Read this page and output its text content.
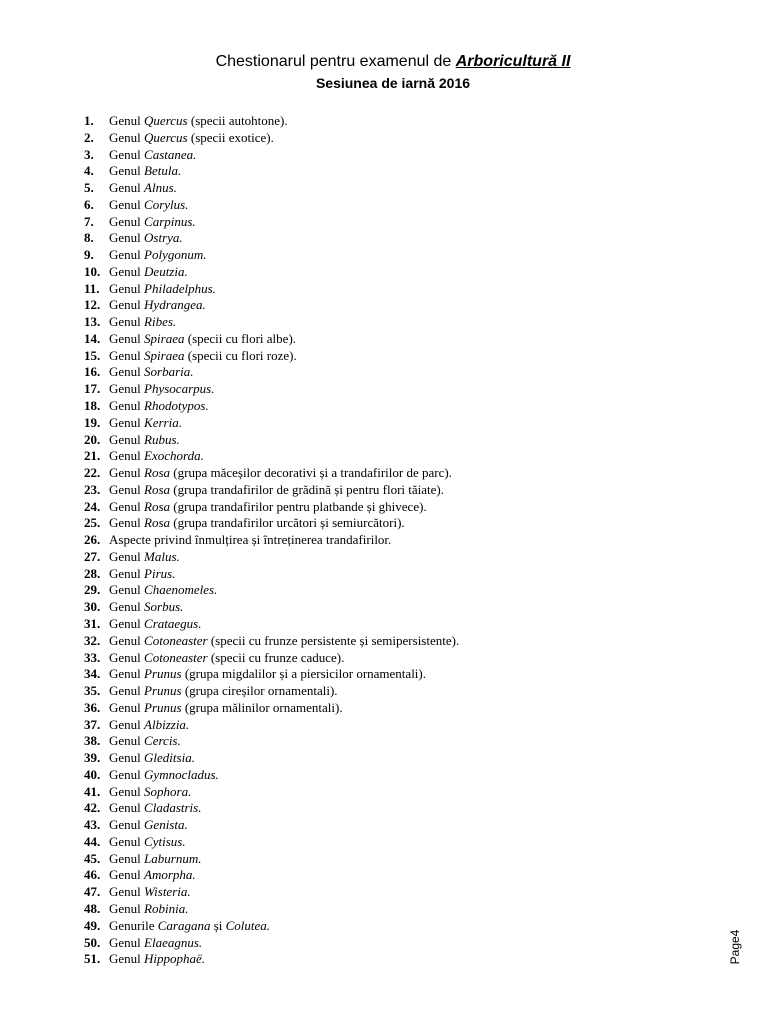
Chestionarul pentru examenul de Arboricultură II
Sesiunea de iarnă 2016
1. Genul Quercus (specii autohtone).
2. Genul Quercus (specii exotice).
3. Genul Castanea.
4. Genul Betula.
5. Genul Alnus.
6. Genul Corylus.
7. Genul Carpinus.
8. Genul Ostrya.
9. Genul Polygonum.
10. Genul Deutzia.
11. Genul Philadelphus.
12. Genul Hydrangea.
13. Genul Ribes.
14. Genul Spiraea (specii cu flori albe).
15. Genul Spiraea (specii cu flori roze).
16. Genul Sorbaria.
17. Genul Physocarpus.
18. Genul Rhodotypos.
19. Genul Kerria.
20. Genul Rubus.
21. Genul Exochorda.
22. Genul Rosa (grupa măceșilor decorativi și a trandafirilor de parc).
23. Genul Rosa (grupa trandafirilor de grădină și pentru flori tăiate).
24. Genul Rosa (grupa trandafirilor pentru platbande și ghivece).
25. Genul Rosa (grupa trandafirilor urcători și semiurcători).
26. Aspecte privind înmulțirea și întreținerea trandafirilor.
27. Genul Malus.
28. Genul Pirus.
29. Genul Chaenomeles.
30. Genul Sorbus.
31. Genul Crataegus.
32. Genul Cotoneaster (specii cu frunze persistente și semipersistente).
33. Genul Cotoneaster (specii cu frunze caduce).
34. Genul Prunus (grupa migdalilor și a piersicilor ornamentali).
35. Genul Prunus (grupa cireșilor ornamentali).
36. Genul Prunus (grupa mălinilor ornamentali).
37. Genul Albizzia.
38. Genul Cercis.
39. Genul Gleditsia.
40. Genul Gymnocladus.
41. Genul Sophora.
42. Genul Cladastris.
43. Genul Genista.
44. Genul Cytisus.
45. Genul Laburnum.
46. Genul Amorpha.
47. Genul Wisteria.
48. Genul Robinia.
49. Genurile Caragana și Colutea.
50. Genul Elaeagnus.
51. Genul Hippophaë.	Page4
